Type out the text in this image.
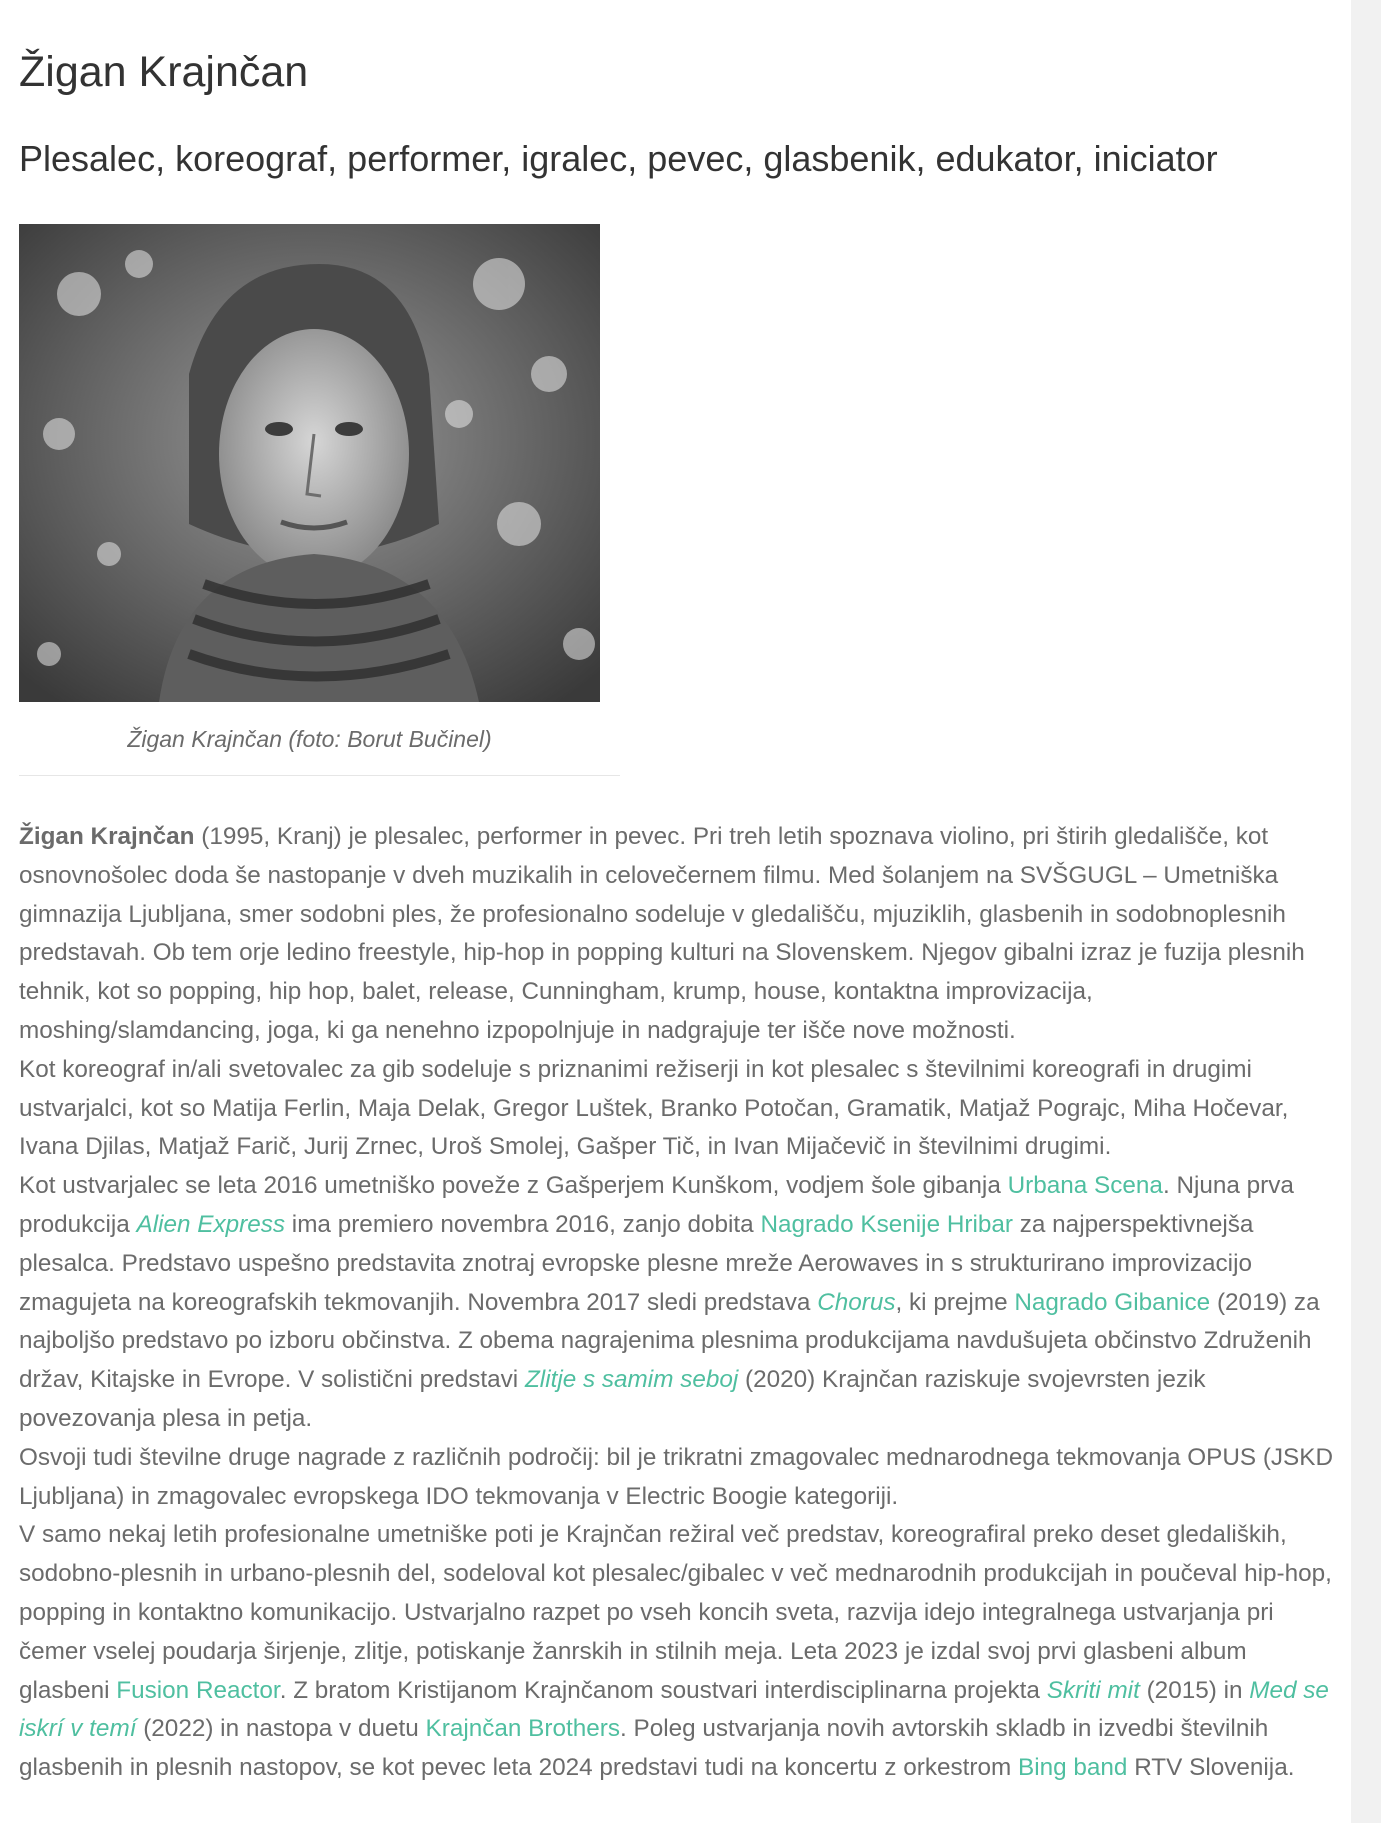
Žigan Krajnčan
Plesalec, koreograf, performer, igralec, pevec, glasbenik, edukator, iniciator
Žigan Krajnčan (foto: Borut Bučinel)

Žigan Krajnčan (1995, Kranj) je plesalec, performer in pevec. Pri treh letih spoznava violino, pri štirih gledališče, kot osnovnošolec doda še nastopanje v dveh muzikalih in celovečernem filmu. Med šolanjem na SVŠGUGL – Umetniška gimnazija Ljubljana, smer sodobni ples, že profesionalno sodeluje v gledališču, mjuziklih, glasbenih in sodobnoplesnih predstavah. Ob tem orje ledino freestyle, hip-hop in popping kulturi na Slovenskem. Njegov gibalni izraz je fuzija plesnih tehnik, kot so popping, hip hop, balet, release, Cunningham, krump, house, kontaktna improvizacija, moshing/slamdancing, joga, ki ga nenehno izpopolnjuje in nadgrajuje ter išče nove možnosti.

Kot koreograf in/ali svetovalec za gib sodeluje s priznanimi režiserji in kot plesalec s številnimi koreografi in drugimi ustvarjalci, kot so Matija Ferlin, Maja Delak, Gregor Luštek, Branko Potočan, Gramatik, Matjaž Pograjc, Miha Hočevar, Ivana Djilas, Matjaž Farič, Jurij Zrnec, Uroš Smolej, Gašper Tič, in Ivan Mijačevič in številnimi drugimi.

Kot ustvarjalec se leta 2016 umetniško poveže z Gašperjem Kunškom, vodjem šole gibanja Urbana Scena. Njuna prva produkcija Alien Express ima premiero novembra 2016, zanjo dobita Nagrado Ksenije Hribar za najperspektivnejša plesalca. Predstavo uspešno predstavita znotraj evropske plesne mreže Aerowaves in s strukturirano improvizacijo zmagujeta na koreografskih tekmovanjih. Novembra 2017 sledi predstava Chorus, ki prejme Nagrado Gibanice (2019) za najboljšo predstavo po izboru občinstva. Z obema nagrajenima plesnima produkcijama navdušujeta občinstvo Združenih držav, Kitajske in Evrope. V solistični predstavi Zlitje s samim seboj (2020) Krajnčan raziskuje svojevrsten jezik povezovanja plesa in petja.

Osvoji tudi številne druge nagrade z različnih področij: bil je trikratni zmagovalec mednarodnega tekmovanja OPUS (JSKD Ljubljana) in zmagovalec evropskega IDO tekmovanja v Electric Boogie kategoriji.

V samo nekaj letih profesionalne umetniške poti je Krajnčan režiral več predstav, koreografiral preko deset gledaliških, sodobno-plesnih in urbano-plesnih del, sodeloval kot plesalec/gibalec v več mednarodnih produkcijah in poučeval hip-hop, popping in kontaktno komunikacijo. Ustvarjalno razpet po vseh koncih sveta, razvija idejo integralnega ustvarjanja pri čemer vselej poudarja širjenje, zlitje, potiskanje žanrskih in stilnih meja. Leta 2023 je izdal svoj prvi glasbeni album glasbeni Fusion Reactor. Z bratom Kristijanom Krajnčanom soustvari interdisciplinarna projekta Skriti mit (2015) in Med se iskrí v temí (2022) in nastopa v duetu Krajnčan Brothers. Poleg ustvarjanja novih avtorskih skladb in izvedbi številnih glasbenih in plesnih nastopov, se kot pevec leta 2024 predstavi tudi na koncertu z orkestrom Bing band RTV Slovenija.
